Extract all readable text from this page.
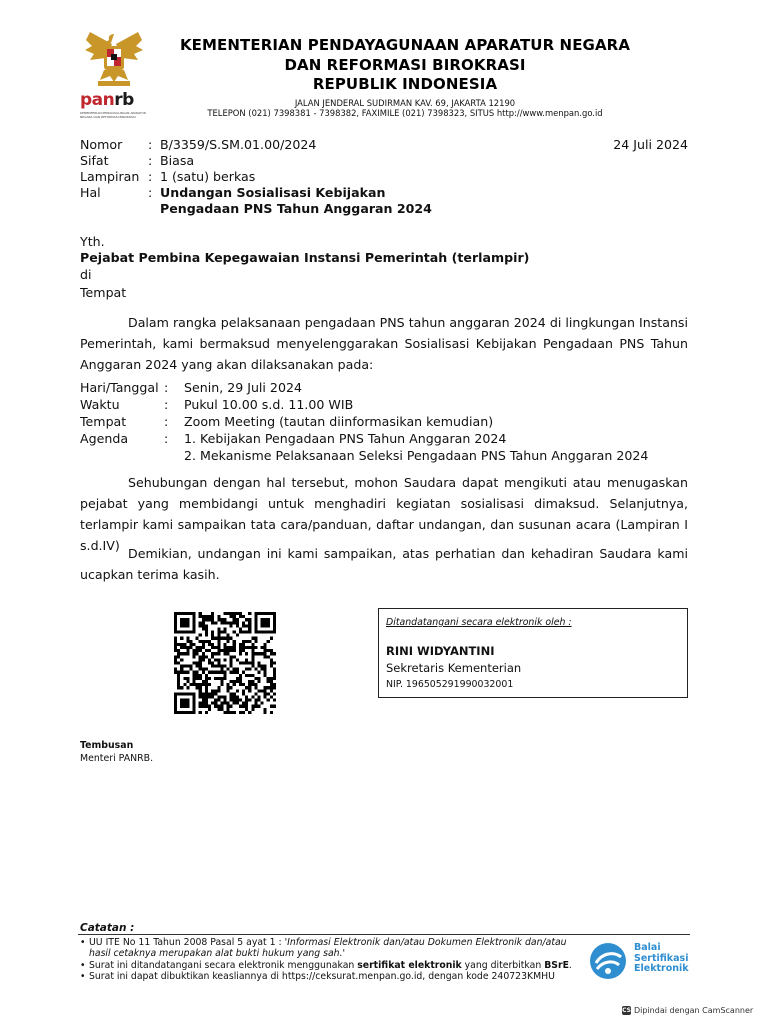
panrb
KEMENTERIAN PENDAYAGUNAAN APARATUR NEGARA DAN REFORMASI BIROKRASI
KEMENTERIAN PENDAYAGUNAAN APARATUR NEGARA
DAN REFORMASI BIROKRASI
REPUBLIK INDONESIA
JALAN JENDERAL SUDIRMAN KAV. 69, JAKARTA 12190
TELEPON (021) 7398381 - 7398382, FAXIMILE (021) 7398323, SITUS http://www.menpan.go.id
Nomor : B/3359/S.SM.01.00/2024
Sifat	: Biasa
Lampiran : 1 (satu) berkas
Hal	: Undangan Sosialisasi Kebijakan
Pengadaan PNS Tahun Anggaran 2024
24 Juli 2024
Yth.
Pejabat Pembina Kepegawaian Instansi Pemerintah (terlampir)
di
Tempat
Dalam rangka pelaksanaan pengadaan PNS tahun anggaran 2024 di lingkungan Instansi Pemerintah, kami bermaksud menyelenggarakan Sosialisasi Kebijakan Pengadaan PNS Tahun Anggaran 2024 yang akan dilaksanakan pada:
Hari/Tanggal : Senin, 29 Juli 2024
Waktu	: Pukul 10.00 s.d. 11.00 WIB
Tempat	: Zoom Meeting (tautan diinformasikan kemudian)
Agenda	: 1. Kebijakan Pengadaan PNS Tahun Anggaran 2024
2. Mekanisme Pelaksanaan Seleksi Pengadaan PNS Tahun Anggaran 2024
Sehubungan dengan hal tersebut, mohon Saudara dapat mengikuti atau menugaskan pejabat yang membidangi untuk menghadiri kegiatan sosialisasi dimaksud. Selanjutnya, terlampir kami sampaikan tata cara/panduan, daftar undangan, dan susunan acara (Lampiran I s.d.IV)
Demikian, undangan ini kami sampaikan, atas perhatian dan kehadiran Saudara kami ucapkan terima kasih.
Ditandatangani secara elektronik oleh :
RINI WIDYANTINI
Sekretaris Kementerian
NIP. 196505291990032001
Tembusan
Menteri PANRB.
Catatan :
• UU ITE No 11 Tahun 2008 Pasal 5 ayat 1 : 'Informasi Elektronik dan/atau Dokumen Elektronik dan/atau hasil cetaknya merupakan alat bukti hukum yang sah.'
• Surat ini ditandatangani secara elektronik menggunakan sertifikat elektronik yang diterbitkan BSrE.
• Surat ini dapat dibuktikan keasliannya di https://ceksurat.menpan.go.id, dengan kode 240723KMHU
Balai
Sertifikasi
Elektronik
CS Dipindai dengan CamScanner
